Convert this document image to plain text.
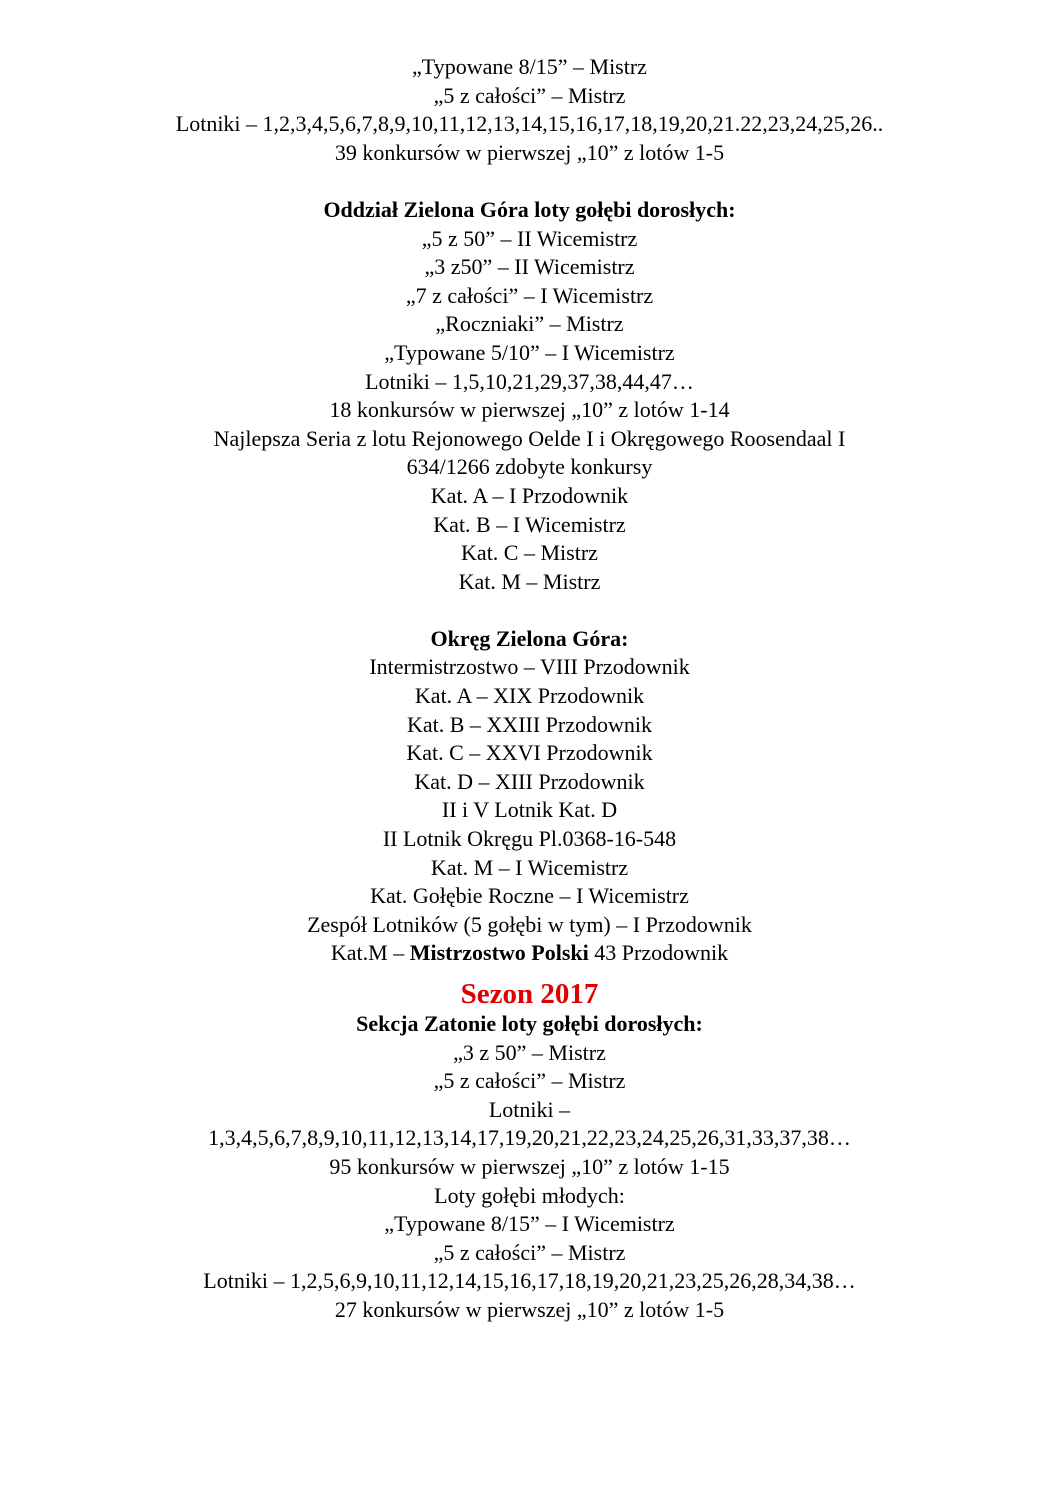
„Typowane 8/15” – Mistrz
„5 z całości” – Mistrz
Lotniki – 1,2,3,4,5,6,7,8,9,10,11,12,13,14,15,16,17,18,19,20,21.22,23,24,25,26..
39 konkursów w pierwszej „10” z lotów 1-5
Oddział Zielona Góra loty gołębi dorosłych:
„5 z 50” – II Wicemistrz
„3 z50” – II Wicemistrz
„7 z całości” – I Wicemistrz
„Roczniaki” – Mistrz
„Typowane 5/10” – I Wicemistrz
Lotniki – 1,5,10,21,29,37,38,44,47…
18 konkursów w pierwszej „10” z lotów 1-14
Najlepsza Seria z lotu Rejonowego Oelde I i Okręgowego Roosendaal I
634/1266 zdobyte konkursy
Kat. A – I Przodownik
Kat. B – I Wicemistrz
Kat. C – Mistrz
Kat. M – Mistrz
Okręg Zielona Góra:
Intermistrzostwo – VIII Przodownik
Kat. A – XIX Przodownik
Kat. B – XXIII Przodownik
Kat. C – XXVI Przodownik
Kat. D – XIII Przodownik
II i V Lotnik Kat. D
II Lotnik Okręgu Pl.0368-16-548
Kat. M – I Wicemistrz
Kat. Gołębie Roczne – I Wicemistrz
Zespół Lotników (5 gołębi w tym) – I Przodownik
Kat.M – Mistrzostwo Polski 43 Przodownik
Sezon 2017
Sekcja Zatonie loty gołębi dorosłych:
„3 z 50” – Mistrz
„5 z całości” – Mistrz
Lotniki –
1,3,4,5,6,7,8,9,10,11,12,13,14,17,19,20,21,22,23,24,25,26,31,33,37,38…
95 konkursów w pierwszej „10” z lotów 1-15
Loty gołębi młodych:
„Typowane 8/15” – I Wicemistrz
„5 z całości” – Mistrz
Lotniki – 1,2,5,6,9,10,11,12,14,15,16,17,18,19,20,21,23,25,26,28,34,38…
27 konkursów w pierwszej „10” z lotów 1-5
